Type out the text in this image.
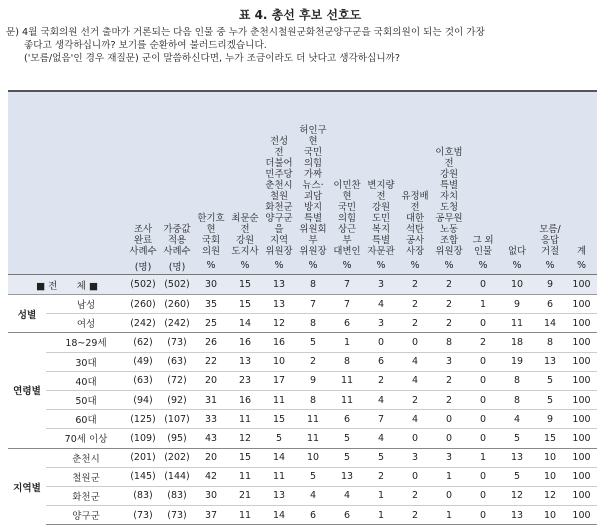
표 4. 총선 후보 선호도
문) 4월 국회의원 선거 출마가 거론되는 다음 인물 중 누가 춘천시철원군화천군양구군을 국회의원이 되는 것이 가장
좋다고 생각하십니까? 보기를 순환하여 불러드리겠습니다.
('모름/없음'인 경우 재질문) 군이 말씀하신다면, 누가 조금이라도 더 낫다고 생각하십니까?
		조사완료사례수	가중값적용사례수	한기호현국회의원	최문순전강원도지사	전성전더불어민주당춘천시철원화천군양구군을지역위원장	허인구현국민의힘가짜뉴스·괴담방지특별위원회부위원장	이민찬현국민의힘상근부대변인	변지량전강원도민복지특별자문관	유정배전대한석탄공사사장	이호범전강원특별자치도청공무원노동조합위원장	그 외인물	없다	모름/응답거절	계
		(명)	(명)	%	%	%	%	%	%	%	%	%	%	%	%
■ 전　　체 ■		(502)	(502)	30	15	13	8	7	3	2	2	0	10	9	100
성별	남성	(260)	(260)	35	15	13	7	7	4	2	2	1	9	6	100
	여성	(242)	(242)	25	14	12	8	6	3	2	2	0	11	14	100
연령별	18~29세	(62)	(73)	26	16	16	5	1	0	0	8	2	18	8	100
	30대	(49)	(63)	22	13	10	2	8	6	4	3	0	19	13	100
	40대	(63)	(72)	20	23	17	9	11	2	4	2	0	8	5	100
	50대	(94)	(92)	31	16	11	8	11	4	2	2	0	8	5	100
	60대	(125)	(107)	33	11	15	11	6	7	4	0	0	4	9	100
	70세 이상	(109)	(95)	43	12	5	11	5	4	0	0	0	5	15	100
지역별	춘천시	(201)	(202)	20	15	14	10	5	5	3	3	1	13	10	100
	철원군	(145)	(144)	42	11	11	5	13	2	0	1	0	5	10	100
	화천군	(83)	(83)	30	21	13	4	4	1	2	0	0	12	12	100
	양구군	(73)	(73)	37	11	14	6	6	1	2	1	0	13	10	100
